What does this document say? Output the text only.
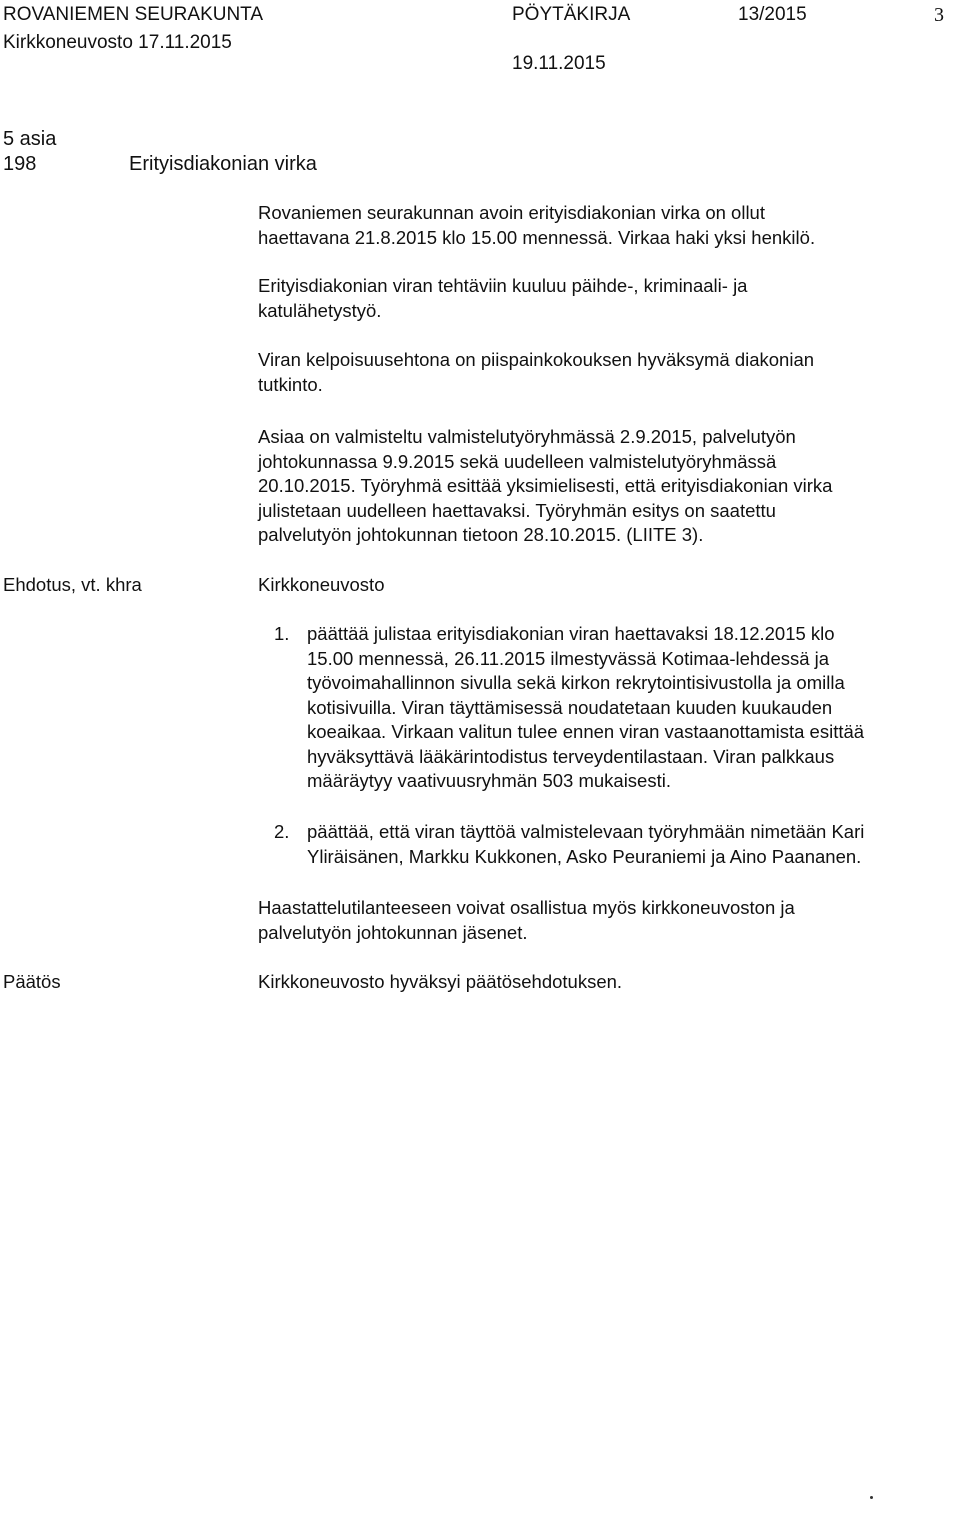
ROVANIEMEN SEURAKUNTA	PÖYTÄKIRJA	13/2015	3
Kirkkoneuvosto 17.11.2015
19.11.2015
5 asia
198	Erityisdiakonian virka

Rovaniemen seurakunnan avoin erityisdiakonian virka on ollut

haettavana 21.8.2015 klo 15.00 mennessä. Virkaa haki yksi henkilö.

Erityisdiakonian viran tehtäviin kuuluu päihde-, kriminaali- ja

katulähetystyö.

Viran kelpoisuusehtona on piispainkokouksen hyväksymä diakonian

tutkinto.

Asiaa on valmisteltu valmistelutyöryhmässä 2.9.2015, palvelutyön

johtokunnassa 9.9.2015 sekä uudelleen valmistelutyöryhmässä

20.10.2015. Työryhmä esittää yksimielisesti, että erityisdiakonian virka

julistetaan uudelleen haettavaksi. Työryhmän esitys on saatettu

palvelutyön johtokunnan tietoon 28.10.2015. (LIITE 3).

Ehdotus, vt. khra	Kirkkoneuvosto

1. päättää julistaa erityisdiakonian viran haettavaksi 18.12.2015 klo
15.00 mennessä, 26.11.2015 ilmestyvässä Kotimaa-lehdessä ja
työvoimahallinnon sivulla sekä kirkon rekrytointisivustolla ja omilla
kotisivuilla. Viran täyttämisessä noudatetaan kuuden kuukauden
koeaikaa. Virkaan valitun tulee ennen viran vastaanottamista esittää
hyväksyttävä lääkärintodistus terveydentilastaan. Viran palkkaus
määräytyy vaativuusryhmän 503 mukaisesti.
2. päättää, että viran täyttöä valmistelevaan työryhmään nimetään Kari
Yliräisänen, Markku Kukkonen, Asko Peuraniemi ja Aino Paananen.

Haastattelutilanteeseen voivat osallistua myös kirkkoneuvoston ja

palvelutyön johtokunnan jäsenet.

Päätös	Kirkkoneuvosto hyväksyi päätösehdotuksen.
